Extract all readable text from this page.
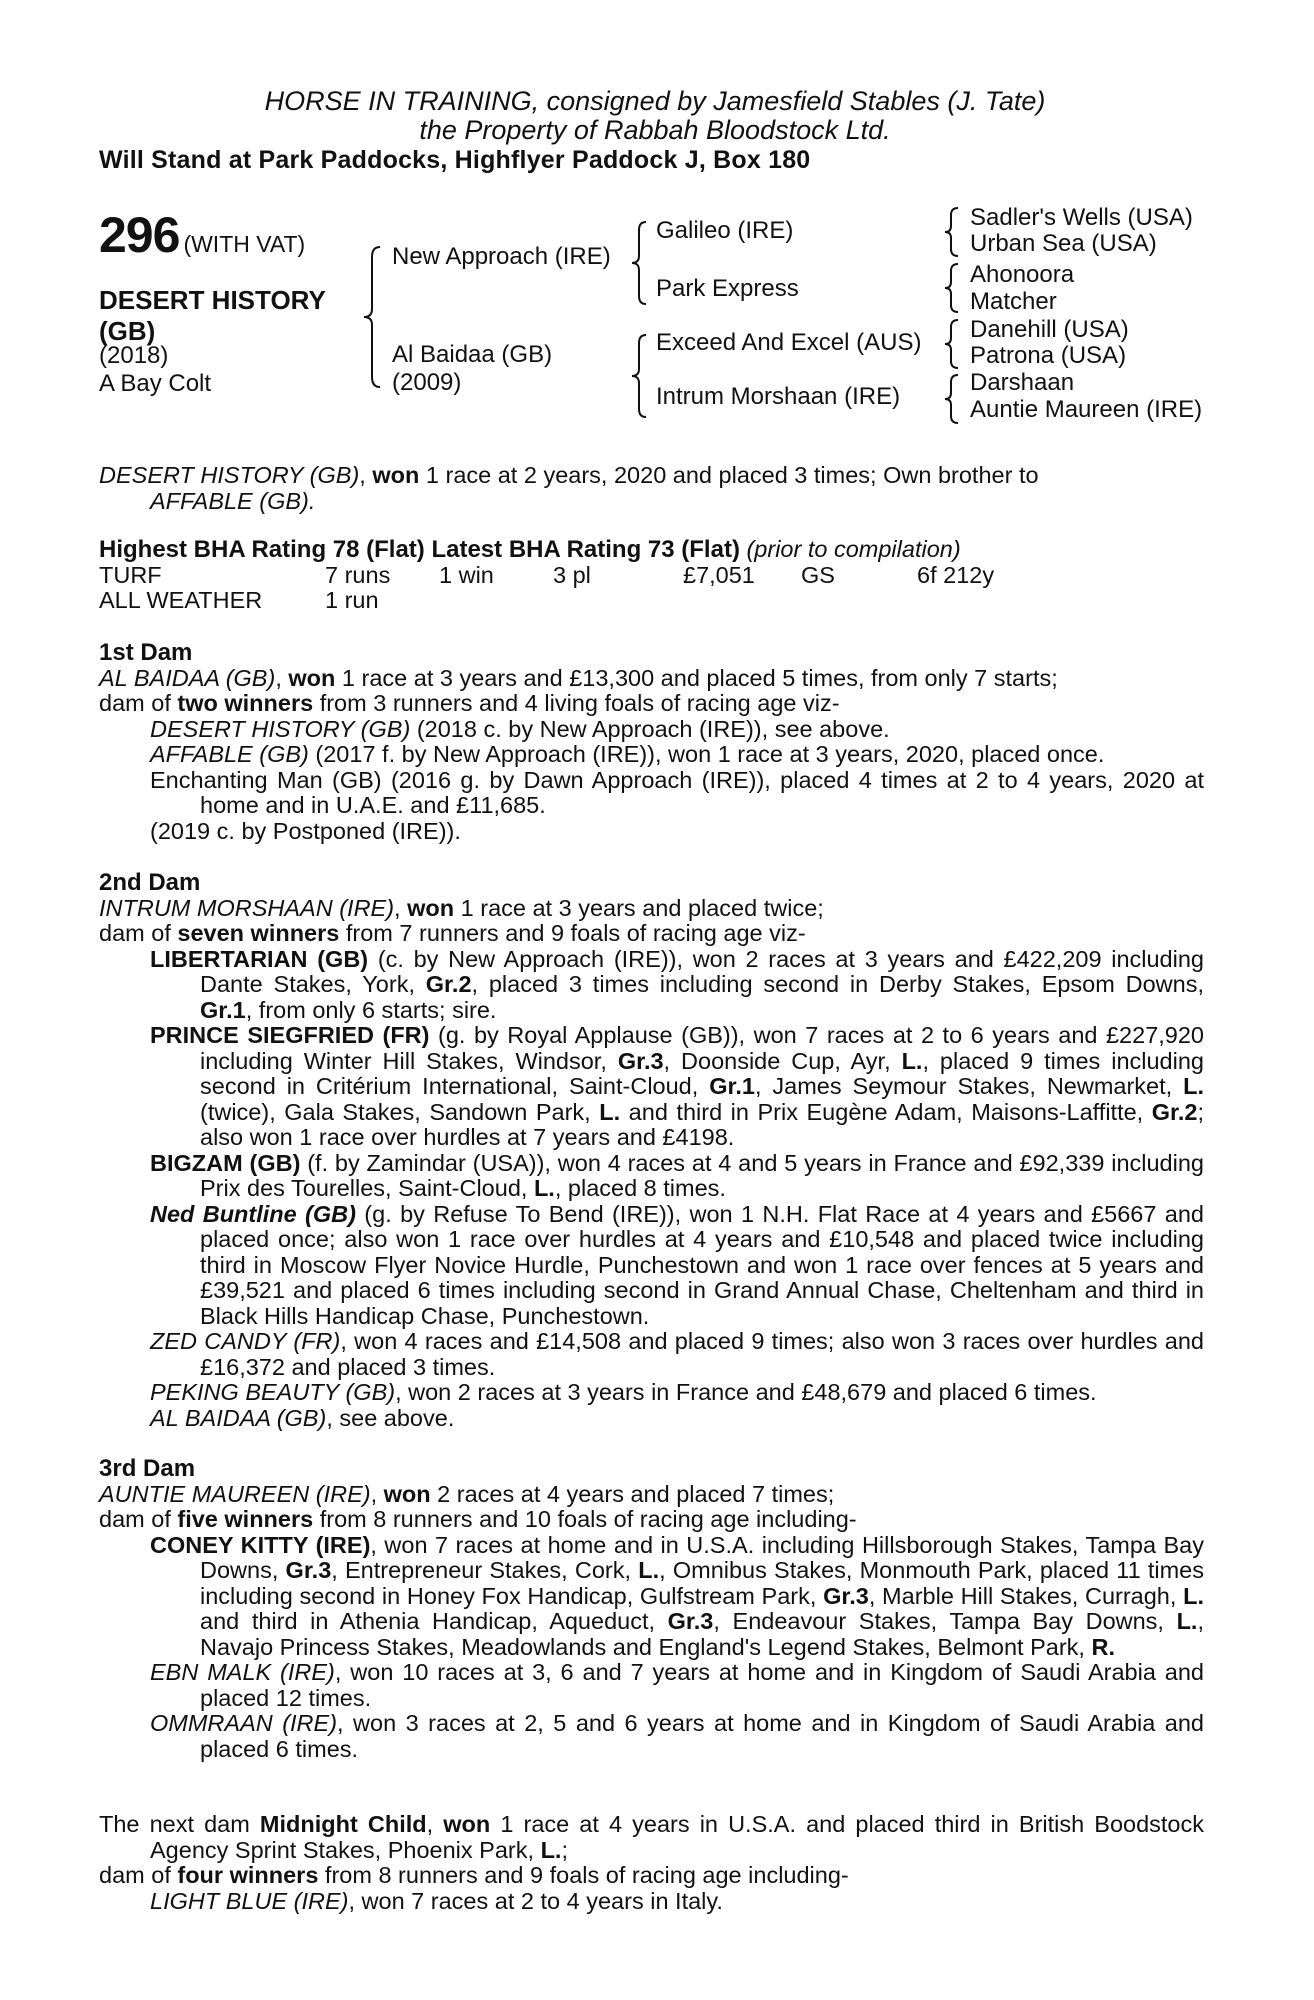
HORSE IN TRAINING, consigned by Jamesfield Stables (J. Tate)
the Property of Rabbah Bloodstock Ltd.
Will Stand at Park Paddocks, Highflyer Paddock J, Box 180
296 (WITH VAT)
DESERT HISTORY
(GB)
(2018)
A Bay Colt
New Approach (IRE)
Al Baidaa (GB)
(2009)
Galileo (IRE)
Park Express
Exceed And Excel (AUS)
Intrum Morshaan (IRE)
Sadler's Wells (USA)
Urban Sea (USA)
Ahonoora
Matcher
Danehill (USA)
Patrona (USA)
Darshaan
Auntie Maureen (IRE)

DESERT HISTORY (GB), won 1 race at 2 years, 2020 and placed 3 times; Own brother to

AFFABLE (GB).

Highest BHA Rating 78 (Flat) Latest BHA Rating 73 (Flat) (prior to compilation)

TURF	7 runs 1 win	3 pl	£7,051 GS	6f 212y

ALL WEATHER	1 run

1st Dam

AL BAIDAA (GB), won 1 race at 3 years and £13,300 and placed 5 times, from only 7 starts;

dam of two winners from 3 runners and 4 living foals of racing age viz-

DESERT HISTORY (GB) (2018 c. by New Approach (IRE)), see above.

AFFABLE (GB) (2017 f. by New Approach (IRE)), won 1 race at 3 years, 2020, placed once.

Enchanting Man (GB) (2016 g. by Dawn Approach (IRE)), placed 4 times at 2 to 4 years, 2020 at home and in U.A.E. and £11,685.

(2019 c. by Postponed (IRE)).

2nd Dam

INTRUM MORSHAAN (IRE), won 1 race at 3 years and placed twice;

dam of seven winners from 7 runners and 9 foals of racing age viz-

LIBERTARIAN (GB) (c. by New Approach (IRE)), won 2 races at 3 years and £422,209 including Dante Stakes, York, Gr.2, placed 3 times including second in Derby Stakes, Epsom Downs, Gr.1, from only 6 starts; sire.

PRINCE SIEGFRIED (FR) (g. by Royal Applause (GB)), won 7 races at 2 to 6 years and £227,920 including Winter Hill Stakes, Windsor, Gr.3, Doonside Cup, Ayr, L., placed 9 times including second in Critérium International, Saint-Cloud, Gr.1, James Seymour Stakes, Newmarket, L. (twice), Gala Stakes, Sandown Park, L. and third in Prix Eugène Adam, Maisons-Laffitte, Gr.2; also won 1 race over hurdles at 7 years and £4198.

BIGZAM (GB) (f. by Zamindar (USA)), won 4 races at 4 and 5 years in France and £92,339 including Prix des Tourelles, Saint-Cloud, L., placed 8 times.

Ned Buntline (GB) (g. by Refuse To Bend (IRE)), won 1 N.H. Flat Race at 4 years and £5667 and placed once; also won 1 race over hurdles at 4 years and £10,548 and placed twice including third in Moscow Flyer Novice Hurdle, Punchestown and won 1 race over fences at 5 years and £39,521 and placed 6 times including second in Grand Annual Chase, Cheltenham and third in Black Hills Handicap Chase, Punchestown.

ZED CANDY (FR), won 4 races and £14,508 and placed 9 times; also won 3 races over hurdles and £16,372 and placed 3 times.

PEKING BEAUTY (GB), won 2 races at 3 years in France and £48,679 and placed 6 times.

AL BAIDAA (GB), see above.

3rd Dam

AUNTIE MAUREEN (IRE), won 2 races at 4 years and placed 7 times;

dam of five winners from 8 runners and 10 foals of racing age including-

CONEY KITTY (IRE), won 7 races at home and in U.S.A. including Hillsborough Stakes, Tampa Bay Downs, Gr.3, Entrepreneur Stakes, Cork, L., Omnibus Stakes, Monmouth Park, placed 11 times including second in Honey Fox Handicap, Gulfstream Park, Gr.3, Marble Hill Stakes, Curragh, L. and third in Athenia Handicap, Aqueduct, Gr.3, Endeavour Stakes, Tampa Bay Downs, L., Navajo Princess Stakes, Meadowlands and England's Legend Stakes, Belmont Park, R.

EBN MALK (IRE), won 10 races at 3, 6 and 7 years at home and in Kingdom of Saudi Arabia and placed 12 times.

OMMRAAN (IRE), won 3 races at 2, 5 and 6 years at home and in Kingdom of Saudi Arabia and placed 6 times.

The next dam Midnight Child, won 1 race at 4 years in U.S.A. and placed third in British Boodstock Agency Sprint Stakes, Phoenix Park, L.;

dam of four winners from 8 runners and 9 foals of racing age including-

LIGHT BLUE (IRE), won 7 races at 2 to 4 years in Italy.
